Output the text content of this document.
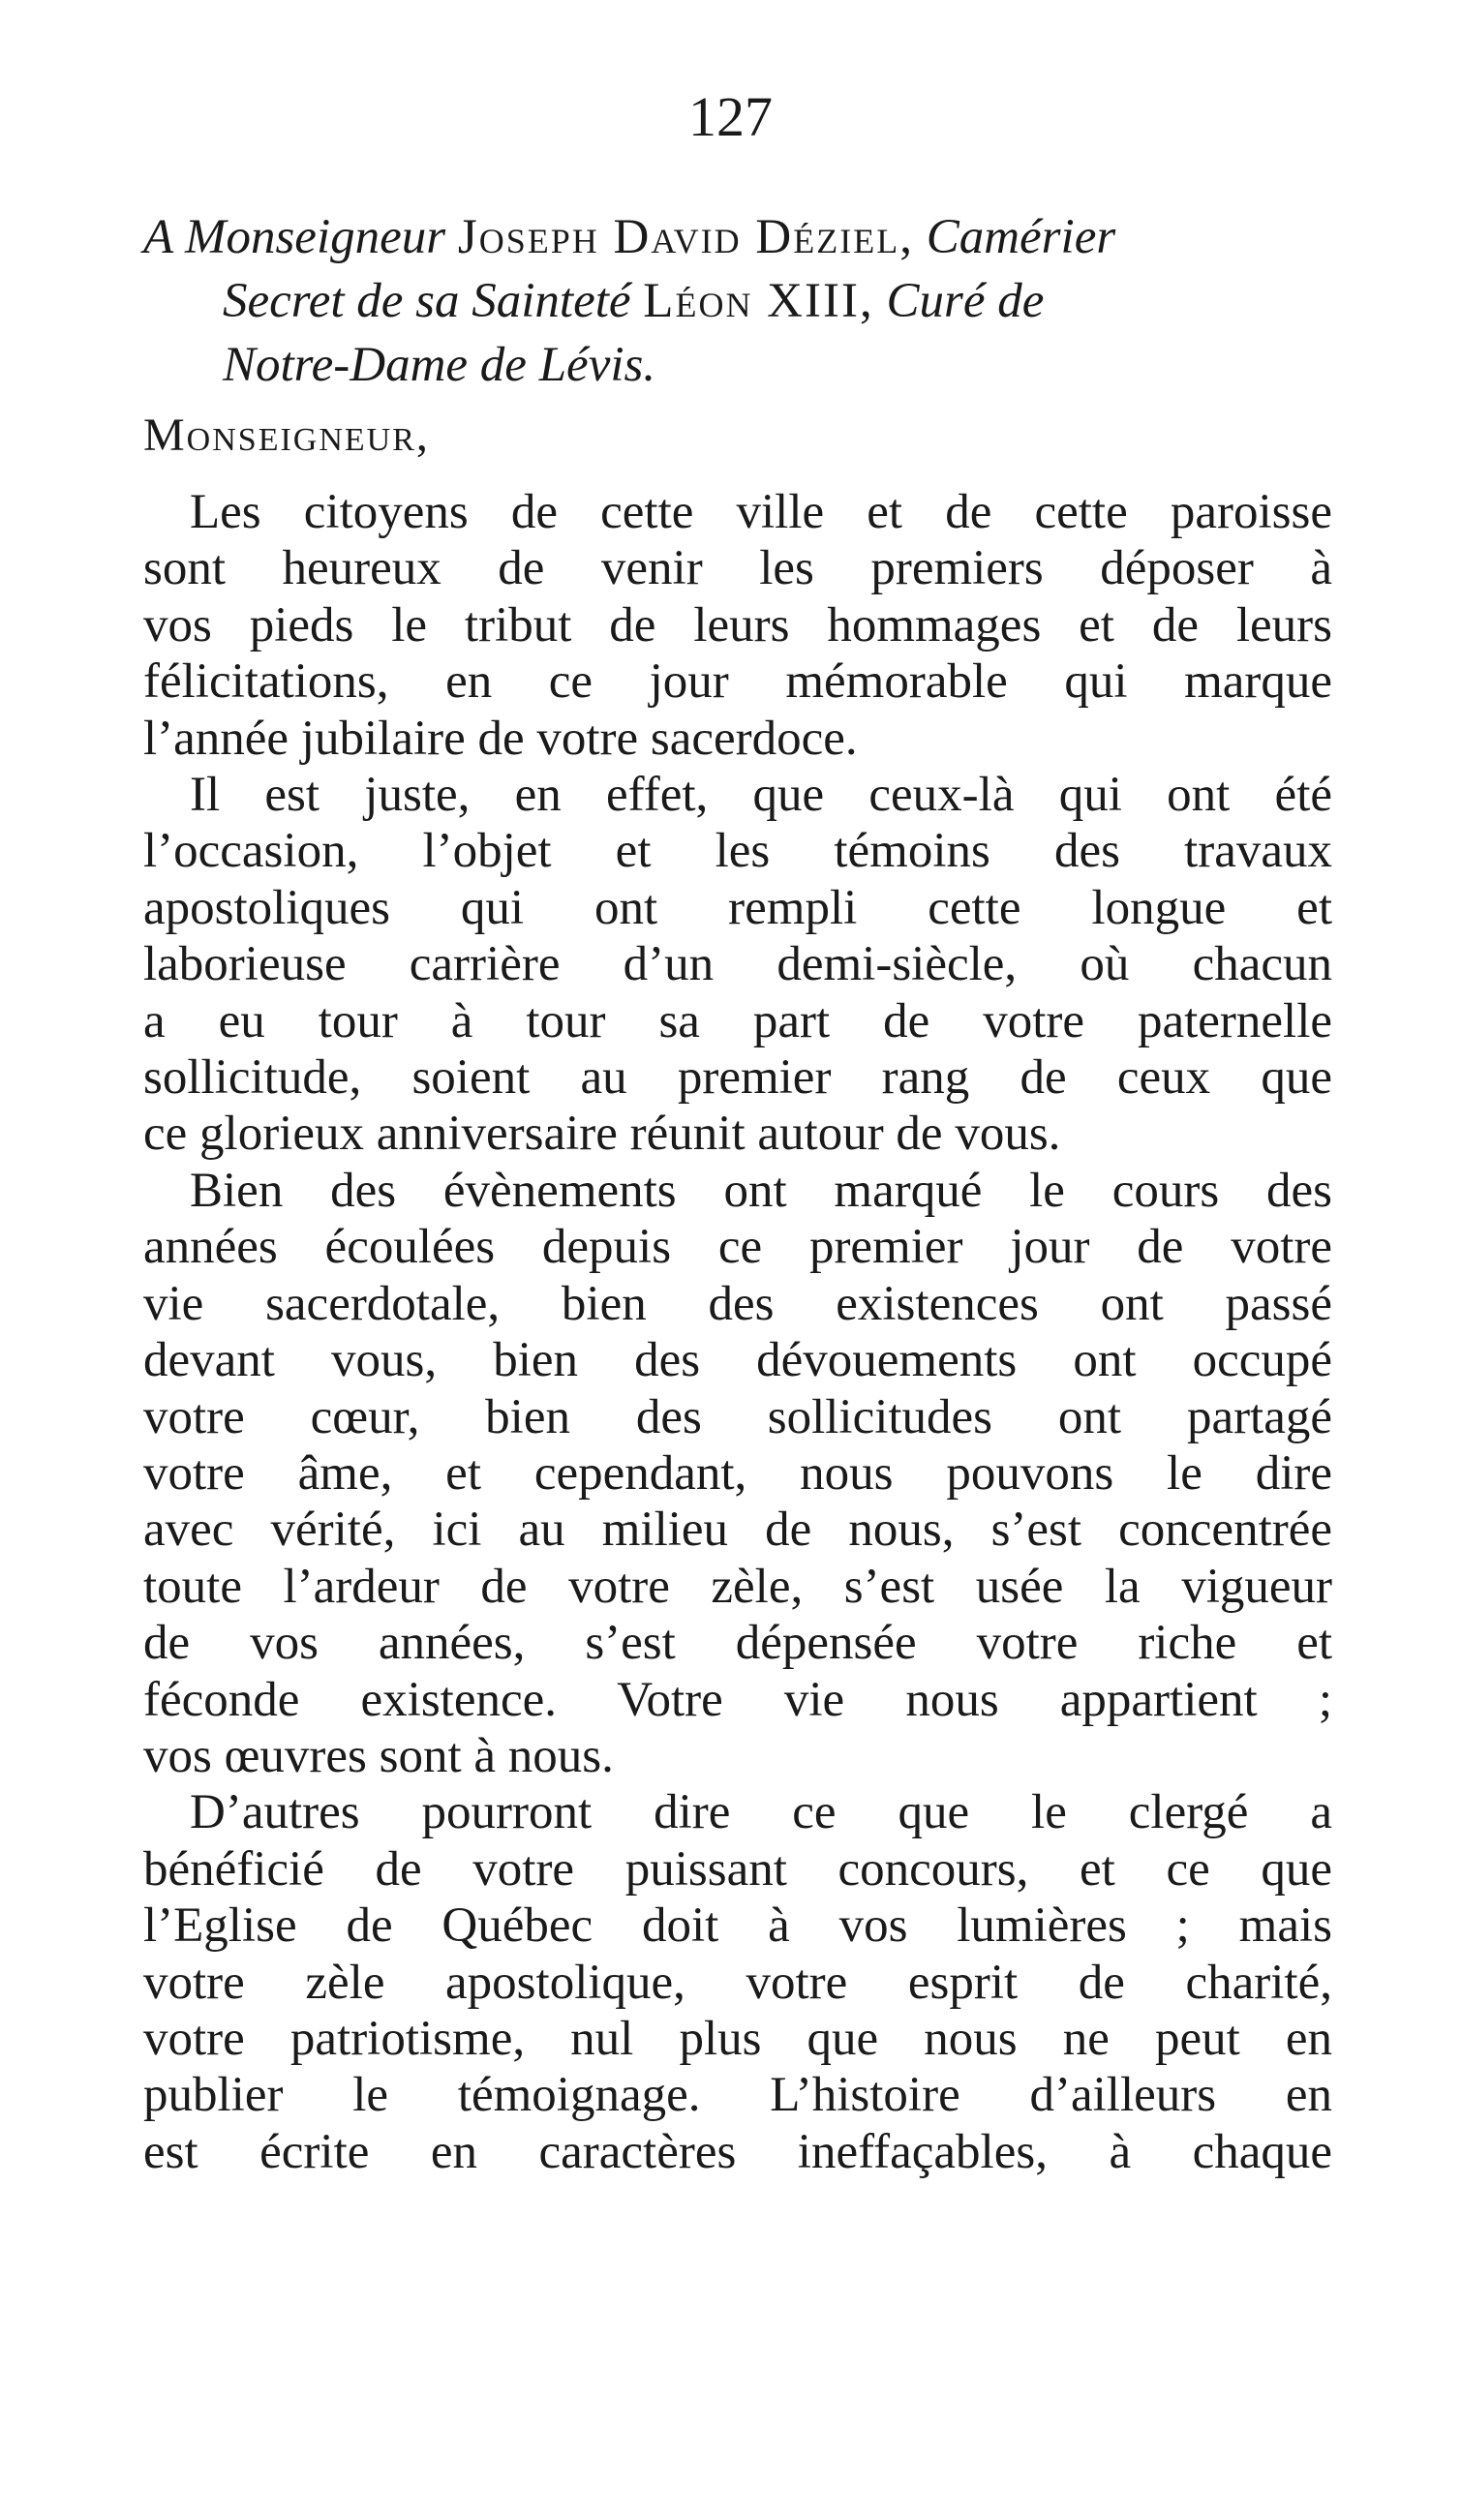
127
A Monseigneur Joseph David Déziel, Camérier
Secret de sa Sainteté Léon XIII, Curé de
Notre-Dame de Lévis.
Monseigneur,
Les citoyens de cette ville et de cette paroisse
sont heureux de venir les premiers déposer à
vos pieds le tribut de leurs hommages et de leurs
félicitations, en ce jour mémorable qui marque
l’année jubilaire de votre sacerdoce.
Il est juste, en effet, que ceux-là qui ont été
l’occasion, l’objet et les témoins des travaux
apostoliques qui ont rempli cette longue et
laborieuse carrière d’un demi-siècle, où chacun
a eu tour à tour sa part de votre paternelle
sollicitude, soient au premier rang de ceux que
ce glorieux anniversaire réunit autour de vous.
Bien des évènements ont marqué le cours des
années écoulées depuis ce premier jour de votre
vie sacerdotale, bien des existences ont passé
devant vous, bien des dévouements ont occupé
votre cœur, bien des sollicitudes ont partagé
votre âme, et cependant, nous pouvons le dire
avec vérité, ici au milieu de nous, s’est concentrée
toute l’ardeur de votre zèle, s’est usée la vigueur
de vos années, s’est dépensée votre riche et
féconde existence. Votre vie nous appartient ;
vos œuvres sont à nous.
D’autres pourront dire ce que le clergé a
bénéficié de votre puissant concours, et ce que
l’Eglise de Québec doit à vos lumières ; mais
votre zèle apostolique, votre esprit de charité,
votre patriotisme, nul plus que nous ne peut en
publier le témoignage. L’histoire d’ailleurs en
est écrite en caractères ineffaçables, à chaque
